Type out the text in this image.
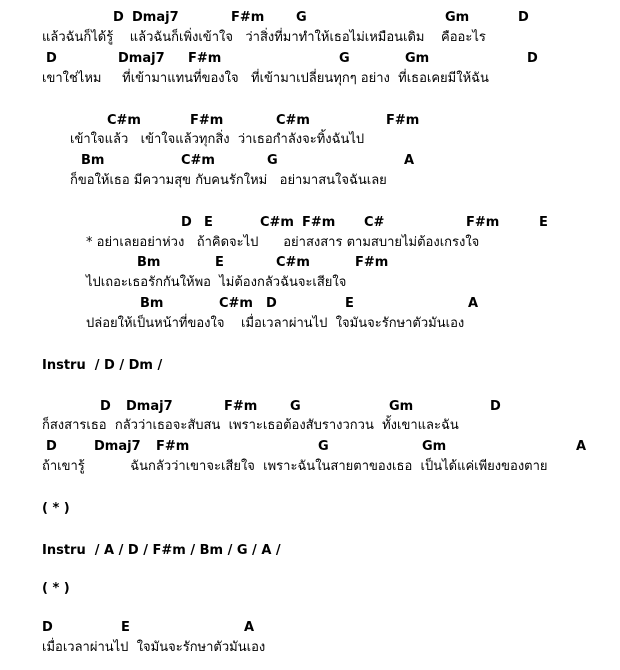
D Dmaj7	F#m G	Gm	D
แล้วฉันก็ได้รู้    แล้วฉันก็เพิ่งเข้าใจ   ว่าสิ่งที่มาทำให้เธอไม่เหมือนเดิม    คืออะไร
D	Dmaj7 F#m	G	Gm	D
เขาใช่ไหม     ที่เข้ามาแทนที่ของใจ   ที่เข้ามาเปลี่ยนทุกๆ อย่าง  ที่เธอเคยมีให้ฉัน
C#m	F#m	C#m	F#m
เข้าใจแล้ว   เข้าใจแล้วทุกสิ่ง  ว่าเธอกำลังจะทิ้งฉันไป
Bm	C#m	G	A
ก็ขอให้เธอ มีความสุข กับคนรักใหม่   อย่ามาสนใจฉันเลย
D E	C#m F#m C#	F#m	E
* อย่าเลยอย่าห่วง   ถ้าคิดจะไป      อย่าสงสาร ตามสบายไม่ต้องเกรงใจ
Bm	E	C#m	F#m
ไปเถอะเธอรักกันให้พอ  ไม่ต้องกลัวฉันจะเสียใจ
Bm	C#m D	E	A
ปล่อยให้เป็นหน้าที่ของใจ    เมื่อเวลาผ่านไป  ใจมันจะรักษาตัวมันเอง
D Dmaj7	F#m	G	Gm	D
ก็สงสารเธอ  กลัวว่าเธอจะสับสน  เพราะเธอต้องสับรางวกวน  ทั้งเขาและฉัน
D	Dmaj7 F#m	G	Gm	A
ถ้าเขารู้           ฉันกลัวว่าเขาจะเสียใจ  เพราะฉันในสายตาของเธอ  เป็นได้แค่เพียงของตาย
D	E	A
เมื่อเวลาผ่านไป  ใจมันจะรักษาตัวมันเอง
Instru  / D / Dm /
( * )
Instru  / A / D / F#m / Bm / G / A /
( * )
